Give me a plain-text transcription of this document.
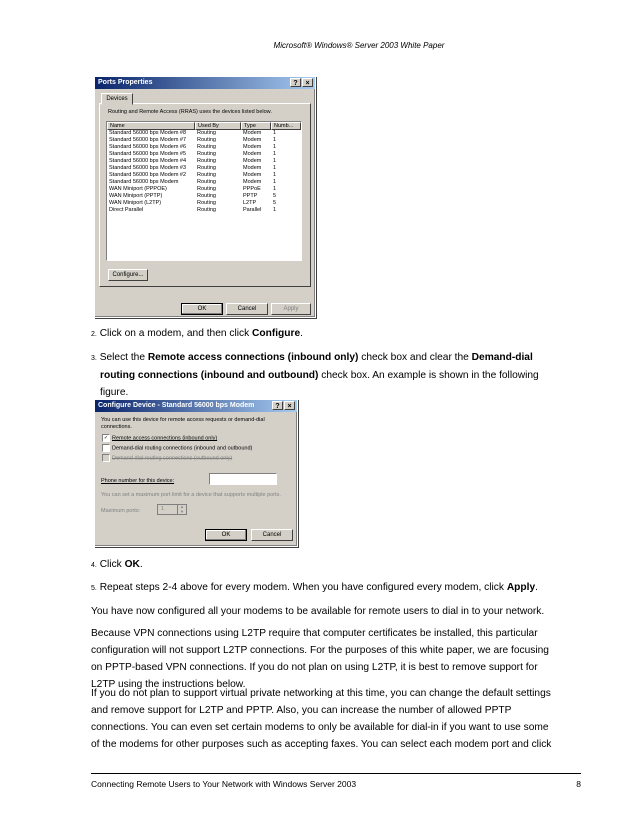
Microsoft® Windows® Server 2003 White Paper
Ports Properties	?	×
Devices
Routing and Remote Access (RRAS) uses the devices listed below.
Name	Used By	Type	Numb...
Standard 56000 bps Modem #8	Routing	Modem	1
Standard 56000 bps Modem #7	Routing	Modem	1
Standard 56000 bps Modem #6	Routing	Modem	1
Standard 56000 bps Modem #5	Routing	Modem	1
Standard 56000 bps Modem #4	Routing	Modem	1
Standard 56000 bps Modem #3	Routing	Modem	1
Standard 56000 bps Modem #2	Routing	Modem	1
Standard 56000 bps Modem	Routing	Modem	1
WAN Miniport (PPPOE)	Routing	PPPoE	1
WAN Miniport (PPTP)	Routing	PPTP	5
WAN Miniport (L2TP)	Routing	L2TP	5
Direct Parallel	Routing	Parallel	1
Configure...
OK	Cancel	Apply
2. Click on a modem, and then click Configure.
3. Select the Remote access connections (inbound only) check box and clear the Demand-dial
routing connections (inbound and outbound) check box. An example is shown in the following
figure.
Configure Device - Standard 56000 bps Modem	?	×
You can use this device for remote access requests or demand-dial
connections.
✓ Remote access connections (inbound only)
Demand-dial routing connections (inbound and outbound)
Demand-dial routing connections (outbound only)
Phone number for this device:
You can set a maximum port limit for a device that supports multiple ports.
Maximum ports:	1	▲
▼
OK	Cancel
4. Click OK.
5. Repeat steps 2-4 above for every modem. When you have configured every modem, click Apply.
You have now configured all your modems to be available for remote users to dial in to your network.
Because VPN connections using L2TP require that computer certificates be installed, this particular
configuration will not support L2TP connections. For the purposes of this white paper, we are focusing
on PPTP-based VPN connections. If you do not plan on using L2TP, it is best to remove support for
L2TP using the instructions below.
If you do not plan to support virtual private networking at this time, you can change the default settings
and remove support for L2TP and PPTP. Also, you can increase the number of allowed PPTP
connections. You can even set certain modems to only be available for dial-in if you want to use some
of the modems for other purposes such as accepting faxes. You can select each modem port and click
Connecting Remote Users to Your Network with Windows Server 2003	8
